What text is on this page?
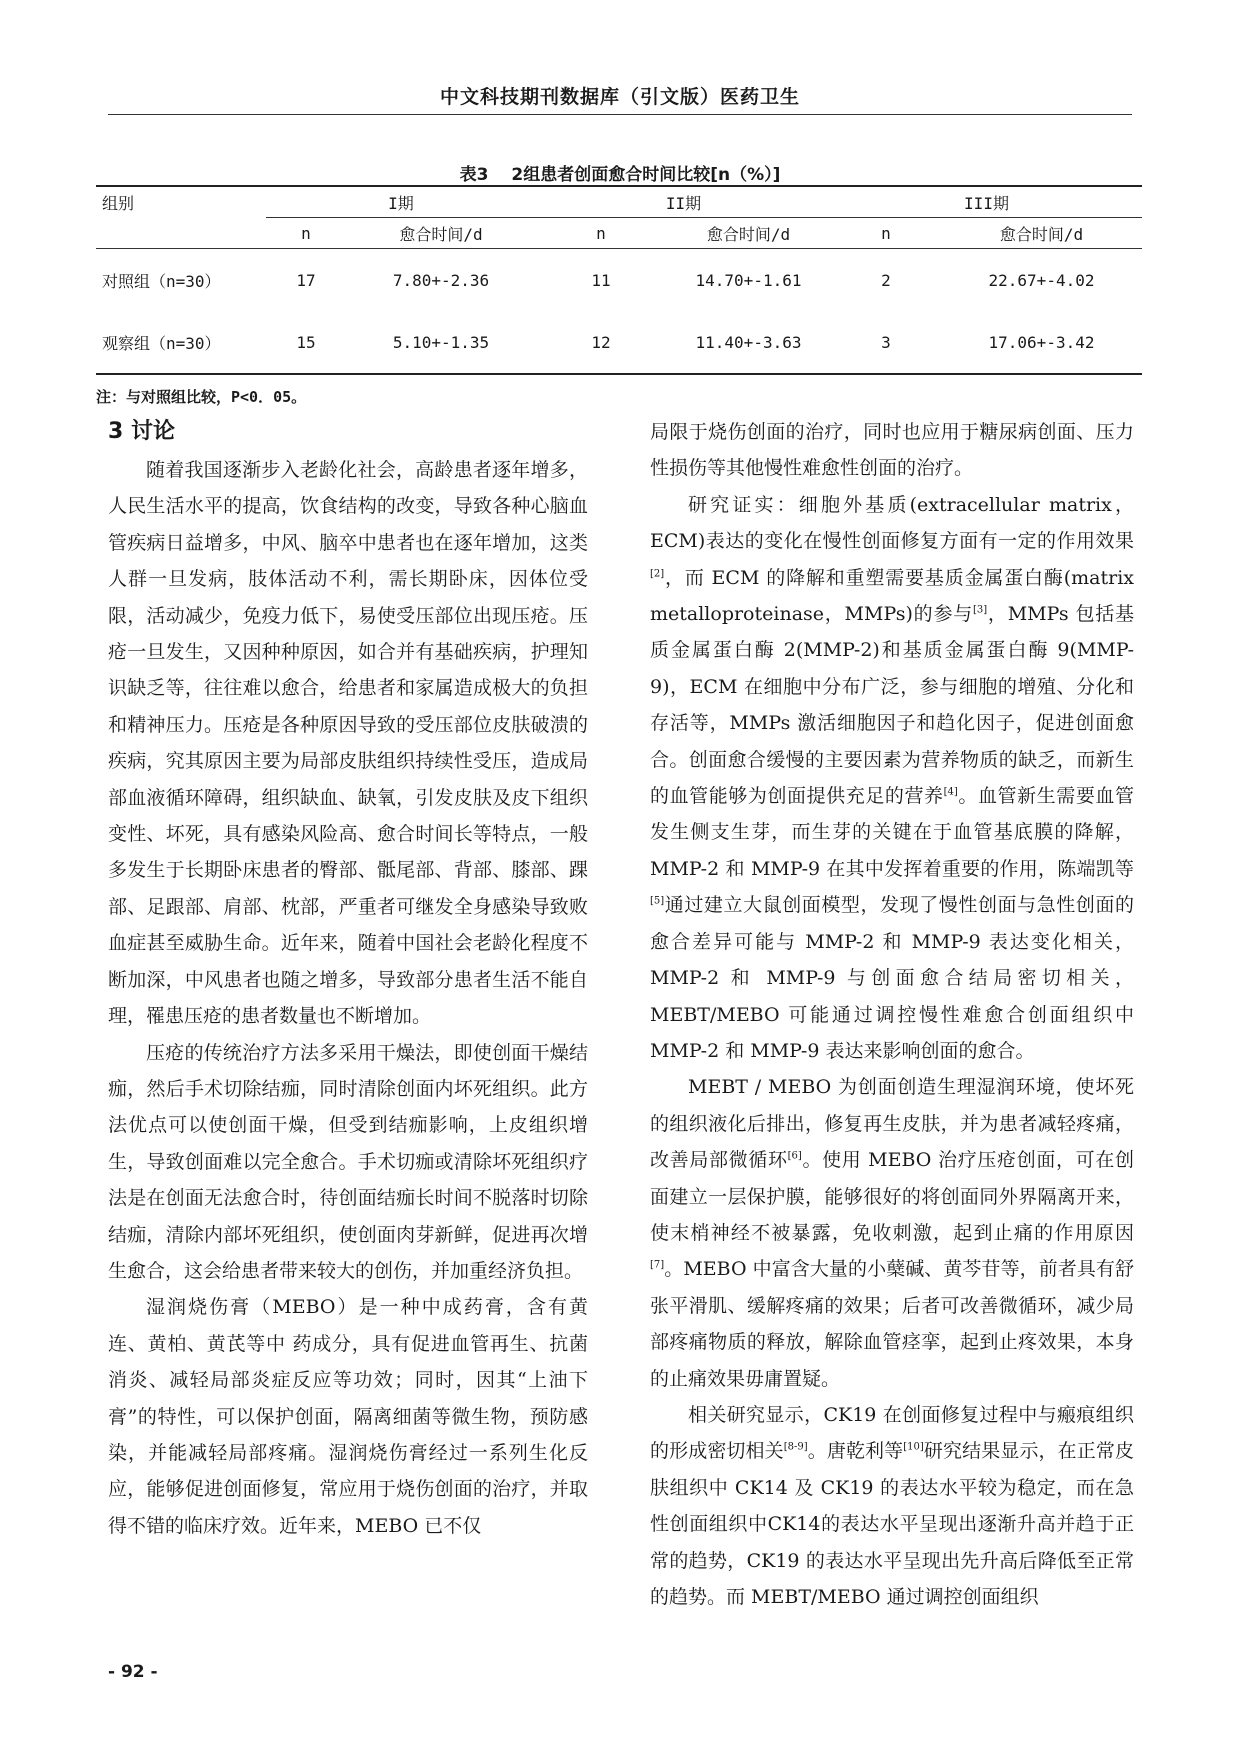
中文科技期刊数据库（引文版）医药卫生
表3　 2组患者创面愈合时间比较[n（%）]
组别	I期		II期		III期	
	n	愈合时间/d	n	愈合时间/d	n	愈合时间/d
对照组（n=30）	17	7.80+-2.36	11	14.70+-1.61	2	22.67+-4.02
观察组（n=30）	15	5.10+-1.35	12	11.40+-3.63	3	17.06+-3.42
注：与对照组比较，P<0．05。

3 讨论

随着我国逐渐步入老龄化社会，高龄患者逐年增多，人民生活水平的提高，饮食结构的改变，导致各种心脑血管疾病日益增多，中风、脑卒中患者也在逐年增加，这类人群一旦发病，肢体活动不利，需长期卧床，因体位受限，活动减少，免疫力低下，易使受压部位出现压疮。压疮一旦发生，又因种种原因，如合并有基础疾病，护理知识缺乏等，往往难以愈合，给患者和家属造成极大的负担和精神压力。压疮是各种原因导致的受压部位皮肤破溃的疾病，究其原因主要为局部皮肤组织持续性受压，造成局部血液循环障碍，组织缺血、缺氧，引发皮肤及皮下组织变性、坏死，具有感染风险高、愈合时间长等特点，一般多发生于长期卧床患者的臀部、骶尾部、背部、膝部、踝部、足跟部、肩部、枕部，严重者可继发全身感染导致败血症甚至威胁生命。近年来，随着中国社会老龄化程度不断加深，中风患者也随之增多，导致部分患者生活不能自理，罹患压疮的患者数量也不断增加。

压疮的传统治疗方法多采用干燥法，即使创面干燥结痂，然后手术切除结痂，同时清除创面内坏死组织。此方法优点可以使创面干燥，但受到结痂影响，上皮组织增生，导致创面难以完全愈合。手术切痂或清除坏死组织疗法是在创面无法愈合时，待创面结痂长时间不脱落时切除结痂，清除内部坏死组织，使创面肉芽新鲜，促进再次增生愈合，这会给患者带来较大的创伤，并加重经济负担。

湿润烧伤膏（MEBO）是一种中成药膏，含有黄连、黄柏、黄芪等中 药成分，具有促进血管再生、抗菌消炎、减轻局部炎症反应等功效；同时，因其“上油下膏”的特性，可以保护创面，隔离细菌等微生物，预防感染，并能减轻局部疼痛。湿润烧伤膏经过一系列生化反应，能够促进创面修复，常应用于烧伤创面的治疗，并取得不错的临床疗效。近年来，MEBO 已不仅

局限于烧伤创面的治疗，同时也应用于糖尿病创面、压力性损伤等其他慢性难愈性创面的治疗。

研究证实：细胞外基质(extracellular matrix，ECM)表达的变化在慢性创面修复方面有一定的作用效果[2]，而 ECM 的降解和重塑需要基质金属蛋白酶(matrix metalloproteinase，MMPs)的参与[3]，MMPs 包括基质金属蛋白酶 2(MMP-2)和基质金属蛋白酶 9(MMP-9)，ECM 在细胞中分布广泛，参与细胞的增殖、分化和存活等，MMPs 激活细胞因子和趋化因子，促进创面愈合。创面愈合缓慢的主要因素为营养物质的缺乏，而新生的血管能够为创面提供充足的营养[4]。血管新生需要血管发生侧支生芽，而生芽的关键在于血管基底膜的降解，MMP-2 和 MMP-9 在其中发挥着重要的作用，陈端凯等[5]通过建立大鼠创面模型，发现了慢性创面与急性创面的愈合差异可能与 MMP-2 和 MMP-9 表达变化相关，MMP-2 和 MMP-9 与创面愈合结局密切相关，MEBT/MEBO 可能通过调控慢性难愈合创面组织中 MMP-2 和 MMP-9 表达来影响创面的愈合。

MEBT / MEBO 为创面创造生理湿润环境，使坏死的组织液化后排出，修复再生皮肤，并为患者减轻疼痛，改善局部微循环[6]。使用 MEBO 治疗压疮创面，可在创面建立一层保护膜，能够很好的将创面同外界隔离开来，使末梢神经不被暴露，免收刺激，起到止痛的作用原因[7]。MEBO 中富含大量的小蘖碱、黄芩苷等，前者具有舒张平滑肌、缓解疼痛的效果；后者可改善微循环，减少局部疼痛物质的释放，解除血管痉挛，起到止疼效果，本身的止痛效果毋庸置疑。

相关研究显示，CK19 在创面修复过程中与瘢痕组织的形成密切相关[8-9]。唐乾利等[10]研究结果显示，在正常皮肤组织中 CK14 及 CK19 的表达水平较为稳定，而在急性创面组织中CK14的表达水平呈现出逐渐升高并趋于正常的趋势，CK19 的表达水平呈现出先升高后降低至正常的趋势。而 MEBT/MEBO 通过调控创面组织

- 92 -
